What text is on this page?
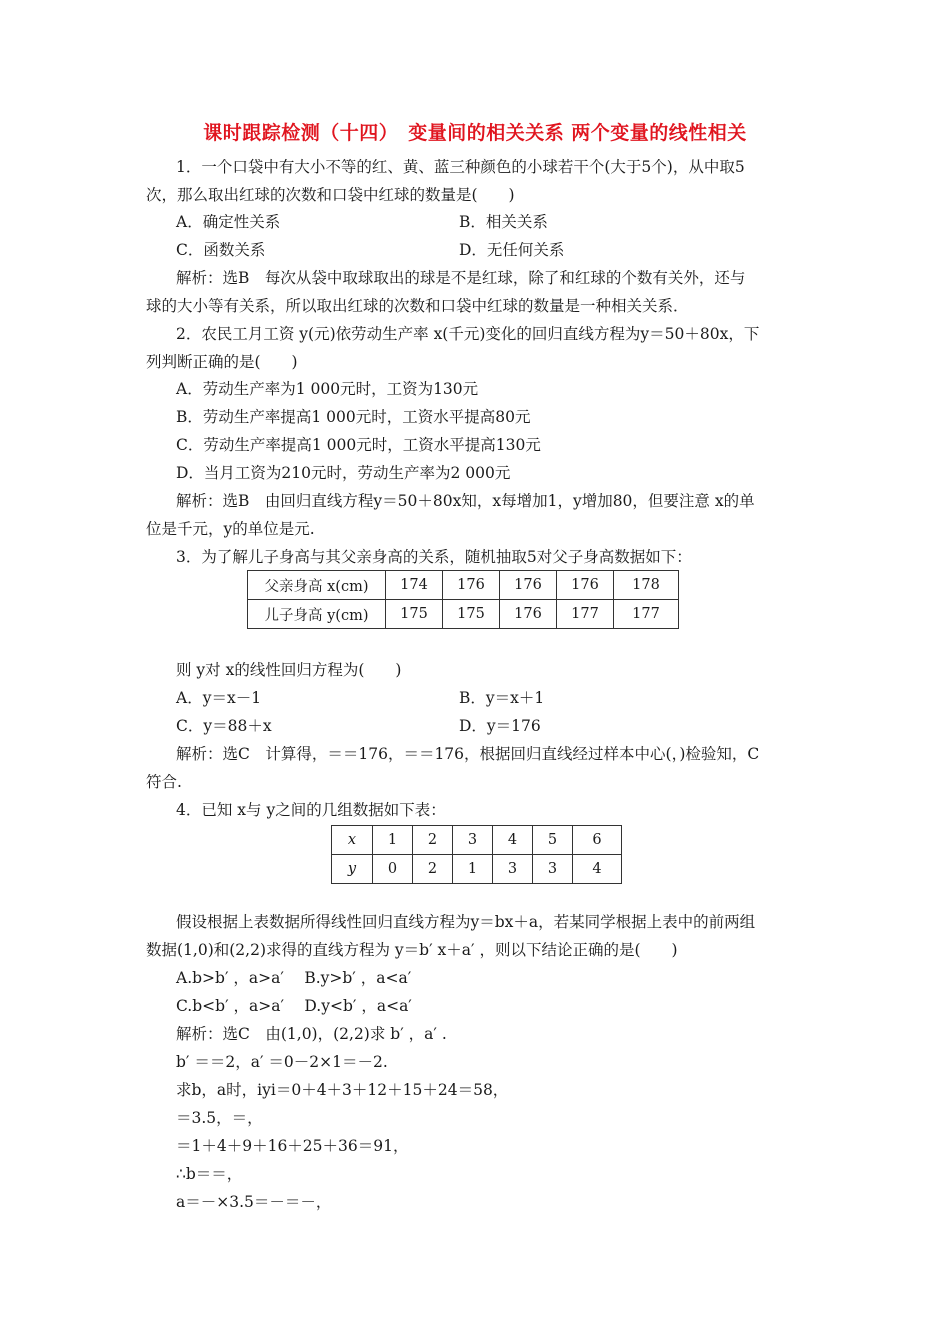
课时跟踪检测（十四）　变量间的相关关系 两个变量的线性相关
1．一个口袋中有大小不等的红、黄、蓝三种颜色的小球若干个(大于5个)，从中取5
次，那么取出红球的次数和口袋中红球的数量是(　　)
A．确定性关系	B．相关关系
C．函数关系	D．无任何关系
解析：选B　每次从袋中取球取出的球是不是红球，除了和红球的个数有关外，还与
球的大小等有关系，所以取出红球的次数和口袋中红球的数量是一种相关关系．
2．农民工月工资 y(元)依劳动生产率 x(千元)变化的回归直线方程为y＝50＋80x，下
列判断正确的是(　　)
A．劳动生产率为1 000元时，工资为130元
B．劳动生产率提高1 000元时，工资水平提高80元
C．劳动生产率提高1 000元时，工资水平提高130元
D．当月工资为210元时，劳动生产率为2 000元
解析：选B　由回归直线方程y＝50＋80x知，x每增加1，y增加80，但要注意 x的单
位是千元，y的单位是元.
3．为了解儿子身高与其父亲身高的关系，随机抽取5对父子身高数据如下：
父亲身高 x(cm)	174	176	176	176	178
儿子身高 y(cm)	175	175	176	177	177
则 y对 x的线性回归方程为(　　)
A．y＝x－1	B．y＝x＋1
C．y＝88＋x	D．y＝176
解析：选C　计算得，＝＝176，＝＝176，根据回归直线经过样本中心(，)检验知，C
符合.
4．已知 x与 y之间的几组数据如下表：
x	1	2	3	4	5	6
y	0	2	1	3	3	4
假设根据上表数据所得线性回归直线方程为y＝bx＋a，若某同学根据上表中的前两组
数据(1,0)和(2,2)求得的直线方程为 y＝b′ x＋a′ ，则以下结论正确的是(　　)
A.b>b′ ，a>a′　 B.y>b′ ，a<a′
C.b<b′ ，a>a′　 D.y<b′ ，a<a′
解析：选C　由(1,0)，(2,2)求 b′ ，a′ .
b′ ＝＝2，a′ ＝0－2×1＝－2.
求b，a时，iyi＝0＋4＋3＋12＋15＋24＝58，
＝3.5，＝，
＝1＋4＋9＋16＋25＋36＝91，
∴b＝＝，
a＝－×3.5＝－＝－，
